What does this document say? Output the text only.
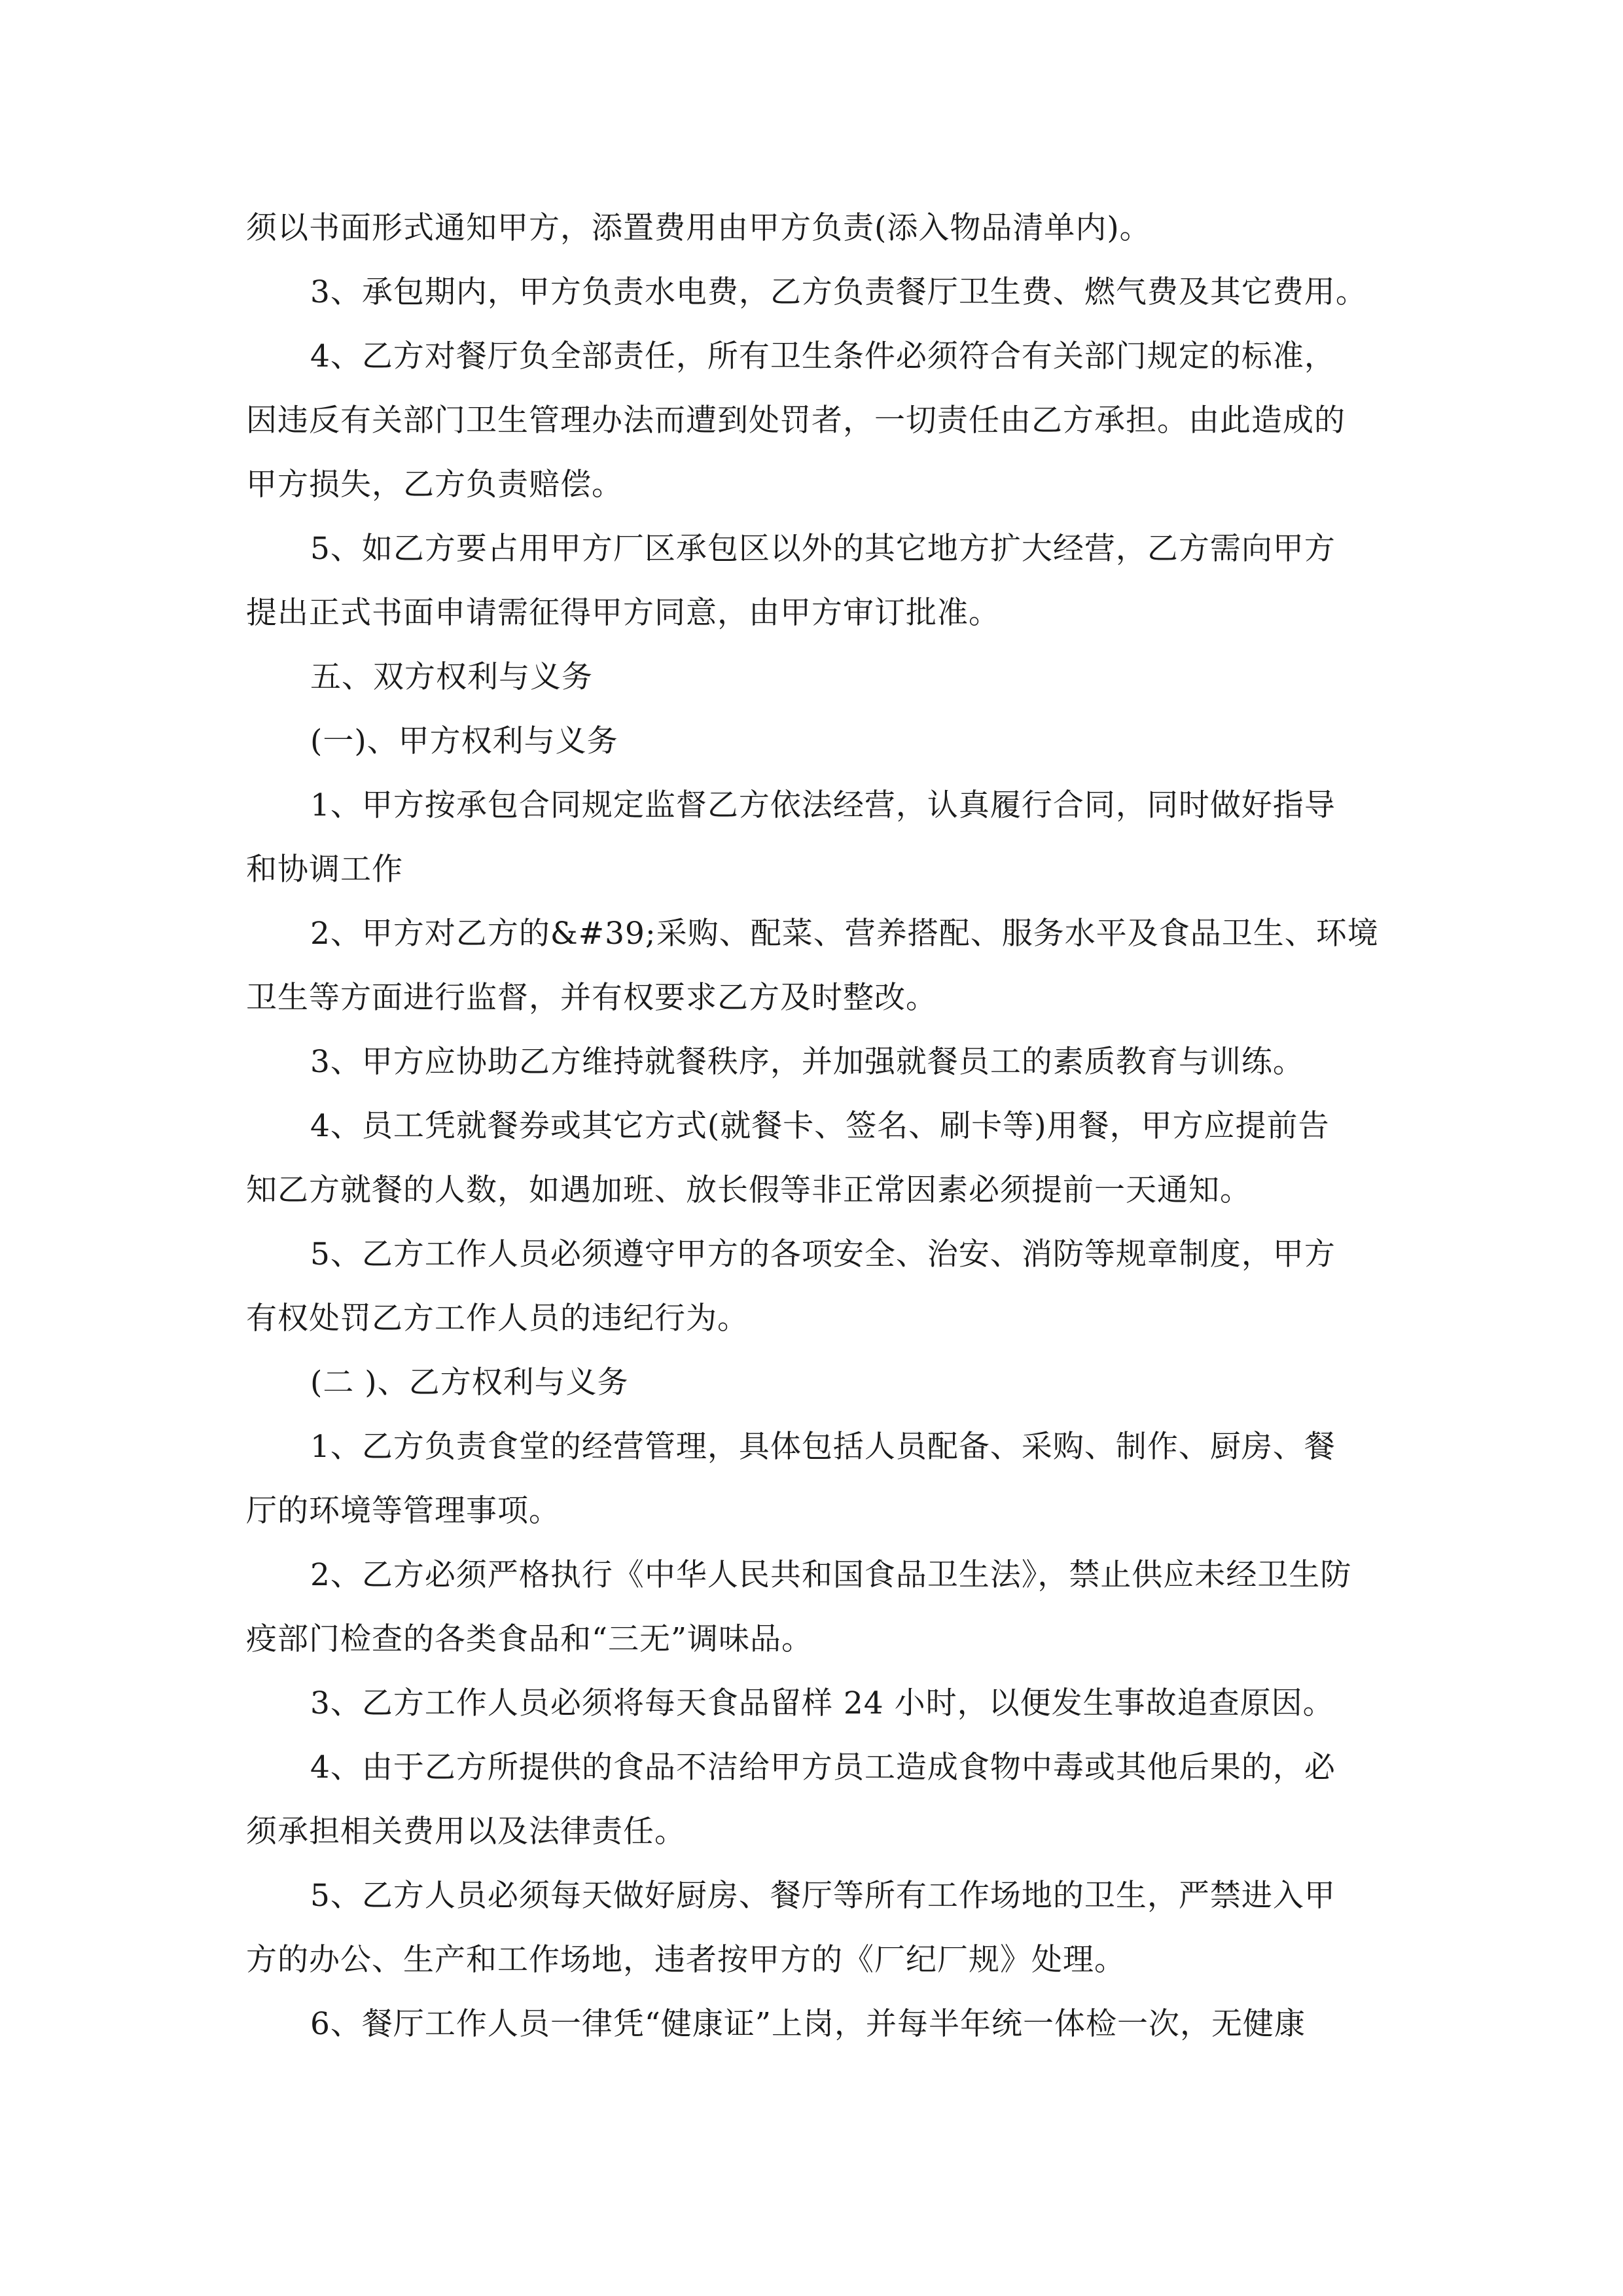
须以书面形式通知甲方，添置费用由甲方负责(添入物品清单内)。
3、承包期内，甲方负责水电费，乙方负责餐厅卫生费、燃气费及其它费用。
4、乙方对餐厅负全部责任，所有卫生条件必须符合有关部门规定的标准，
因违反有关部门卫生管理办法而遭到处罚者，一切责任由乙方承担。由此造成的
甲方损失，乙方负责赔偿。
5、如乙方要占用甲方厂区承包区以外的其它地方扩大经营，乙方需向甲方
提出正式书面申请需征得甲方同意，由甲方审订批准。
五、双方权利与义务
(一)、甲方权利与义务
1、甲方按承包合同规定监督乙方依法经营，认真履行合同，同时做好指导
和协调工作
2、甲方对乙方的&#39;采购、配菜、营养搭配、服务水平及食品卫生、环境
卫生等方面进行监督，并有权要求乙方及时整改。
3、甲方应协助乙方维持就餐秩序，并加强就餐员工的素质教育与训练。
4、员工凭就餐券或其它方式(就餐卡、签名、刷卡等)用餐，甲方应提前告
知乙方就餐的人数，如遇加班、放长假等非正常因素必须提前一天通知。
5、乙方工作人员必须遵守甲方的各项安全、治安、消防等规章制度，甲方
有权处罚乙方工作人员的违纪行为。
(二 )、乙方权利与义务
1、乙方负责食堂的经营管理，具体包括人员配备、采购、制作、厨房、餐
厅的环境等管理事项。
2、乙方必须严格执行《中华人民共和国食品卫生法》，禁止供应未经卫生防
疫部门检查的各类食品和“三无”调味品。
3、乙方工作人员必须将每天食品留样 24 小时，以便发生事故追查原因。
4、由于乙方所提供的食品不洁给甲方员工造成食物中毒或其他后果的，必
须承担相关费用以及法律责任。
5、乙方人员必须每天做好厨房、餐厅等所有工作场地的卫生，严禁进入甲
方的办公、生产和工作场地，违者按甲方的《厂纪厂规》处理。
6、餐厅工作人员一律凭“健康证”上岗，并每半年统一体检一次，无健康
